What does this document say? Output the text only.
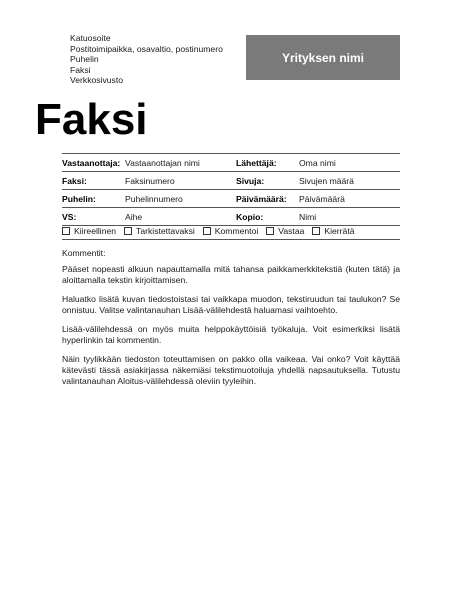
Katuosoite
Postitoimipaikka, osavaltio, postinumero
Puhelin
Faksi
Verkkosivusto
Yrityksen nimi
Faksi
Vastaanottaja:	Vastaanottajan nimi	Lähettäjä:	Oma nimi
Faksi:	Faksinumero	Sivuja:	Sivujen määrä
Puhelin:	Puhelinnumero	Päivämäärä:	Päivämäärä
VS:	Aihe	Kopio:	Nimi
Kiireellinen Tarkistettavaksi Kommentoi Vastaa Kierrätä

Kommentit:

Pääset nopeasti alkuun napauttamalla mitä tahansa paikkamerkkitekstiä (kuten tätä) ja aloittamalla tekstin kirjoittamisen.

Haluatko lisätä kuvan tiedostoistasi tai vaikkapa muodon, tekstiruudun tai taulukon? Se onnistuu. Valitse valintanauhan Lisää-välilehdestä haluamasi vaihtoehto.

Lisää-välilehdessä on myös muita helppokäyttöisiä työkaluja. Voit esimerkiksi lisätä hyperlinkin tai kommentin.

Näin tyylikkään tiedoston toteuttamisen on pakko olla vaikeaa. Vai onko? Voit käyttää kätevästi tässä asiakirjassa näkemiäsi tekstimuotoiluja yhdellä napsautuksella. Tutustu valintanauhan Aloitus-välilehdessä oleviin tyyleihin.
